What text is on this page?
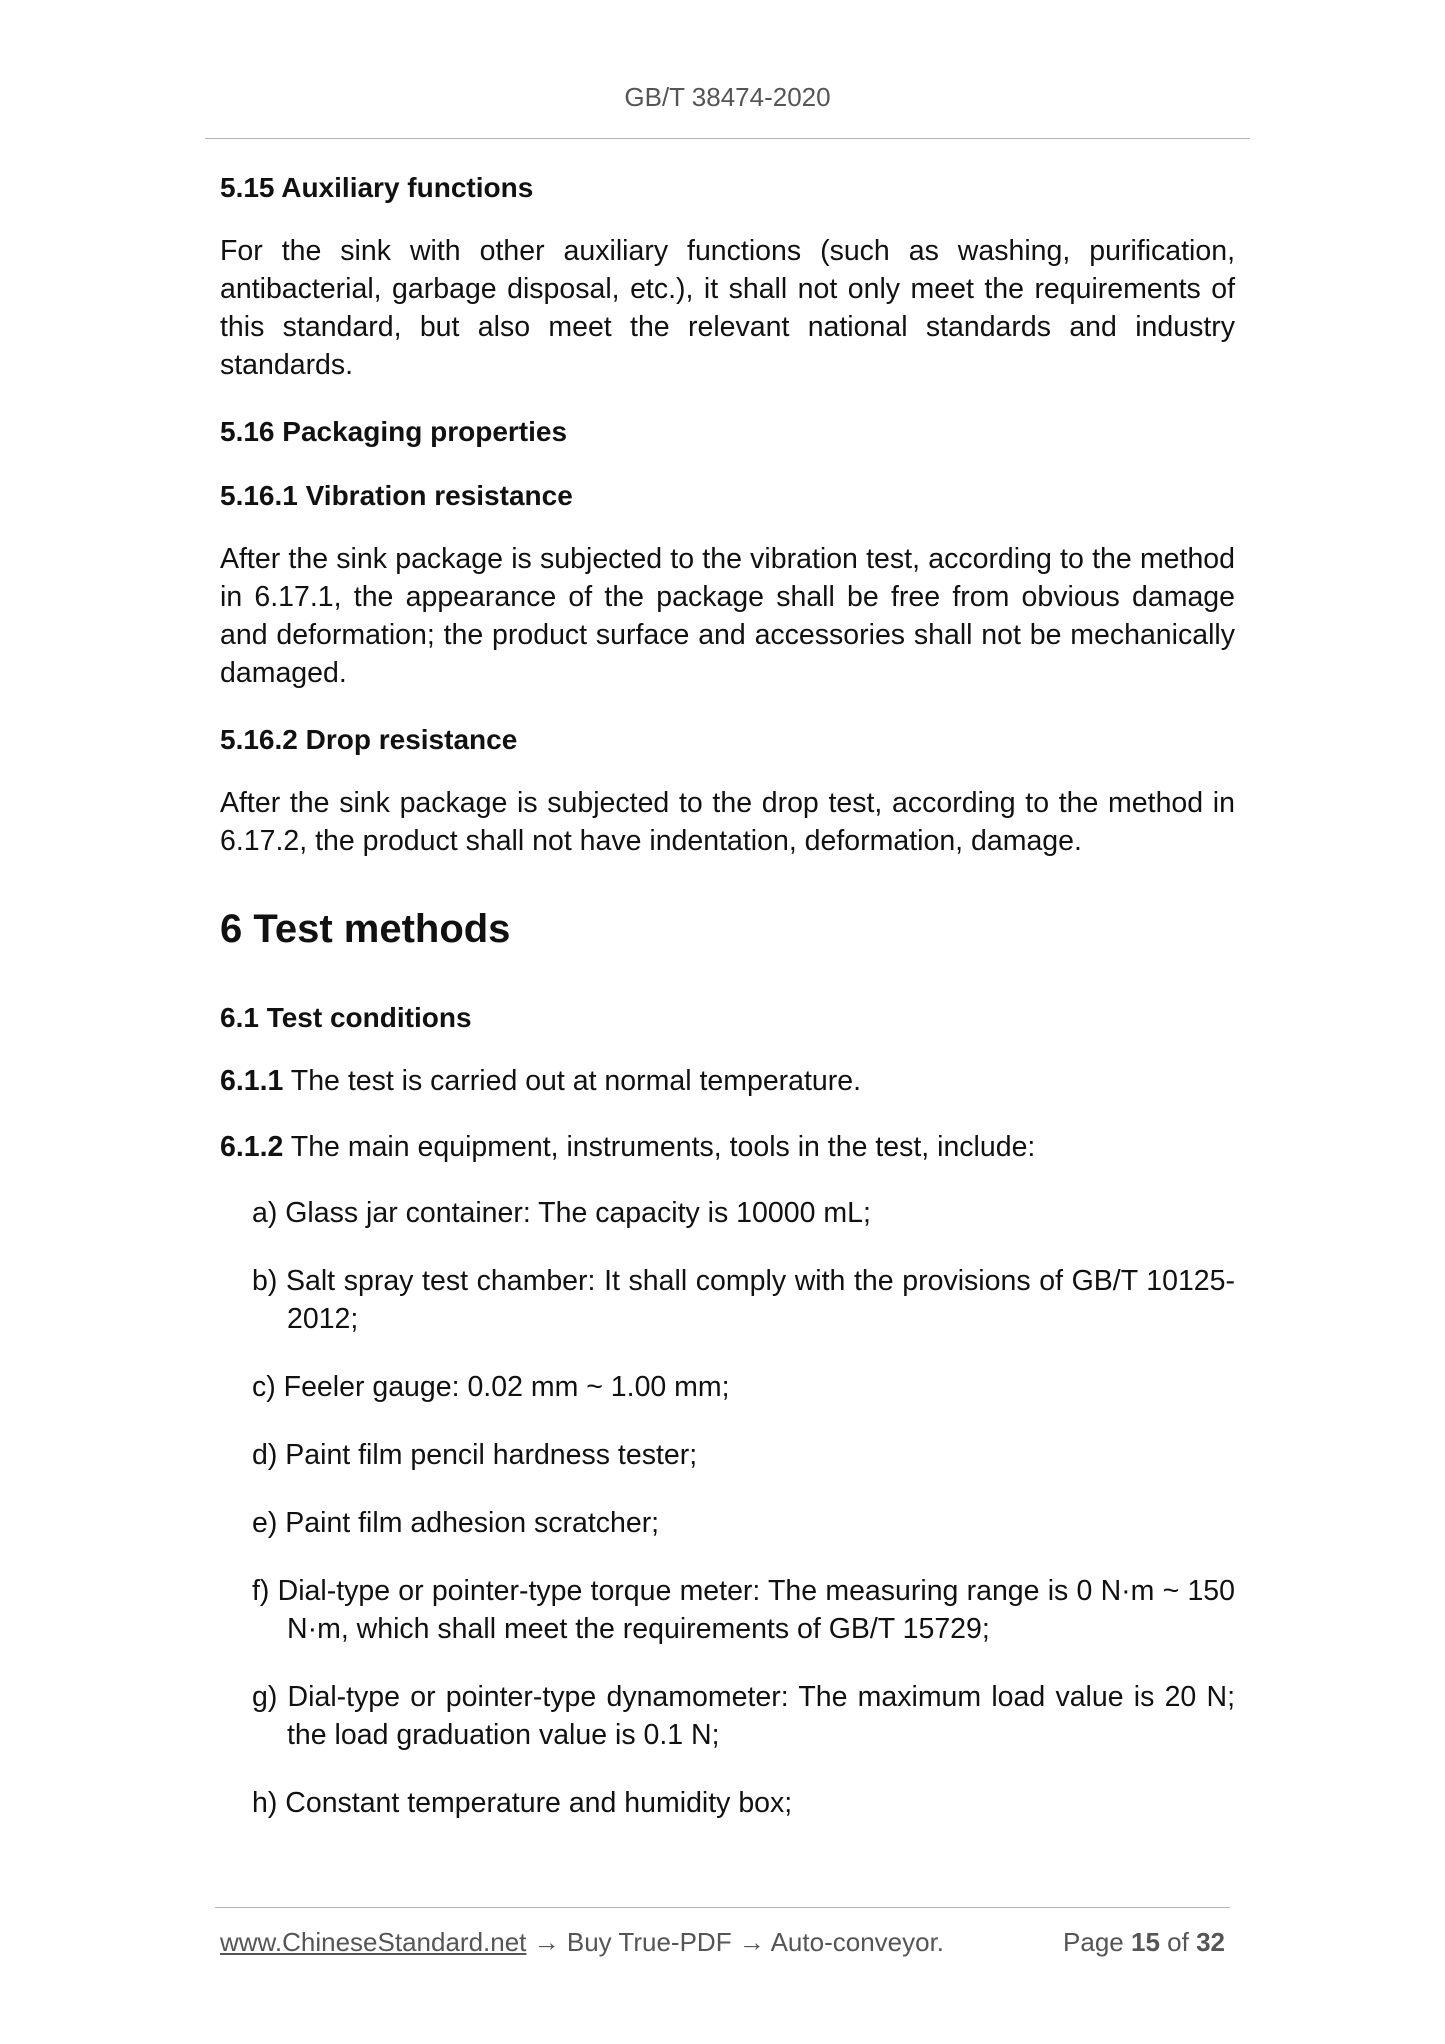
GB/T 38474-2020

5.15 Auxiliary functions

For the sink with other auxiliary functions (such as washing, purification, antibacterial, garbage disposal, etc.), it shall not only meet the requirements of this standard, but also meet the relevant national standards and industry standards.

5.16 Packaging properties

5.16.1 Vibration resistance

After the sink package is subjected to the vibration test, according to the method in 6.17.1, the appearance of the package shall be free from obvious damage and deformation; the product surface and accessories shall not be mechanically damaged.

5.16.2 Drop resistance

After the sink package is subjected to the drop test, according to the method in 6.17.2, the product shall not have indentation, deformation, damage.

6 Test methods

6.1 Test conditions

6.1.1 The test is carried out at normal temperature.

6.1.2 The main equipment, instruments, tools in the test, include:

a) Glass jar container: The capacity is 10000 mL;

b) Salt spray test chamber: It shall comply with the provisions of GB/T 10125-2012;

c) Feeler gauge: 0.02 mm ~ 1.00 mm;

d) Paint film pencil hardness tester;

e) Paint film adhesion scratcher;

f) Dial-type or pointer-type torque meter: The measuring range is 0 N·m ~ 150 N·m, which shall meet the requirements of GB/T 15729;

g) Dial-type or pointer-type dynamometer: The maximum load value is 20 N; the load graduation value is 0.1 N;

h) Constant temperature and humidity box;

www.ChineseStandard.net → Buy True-PDF → Auto-conveyor.	Page 15 of 32
